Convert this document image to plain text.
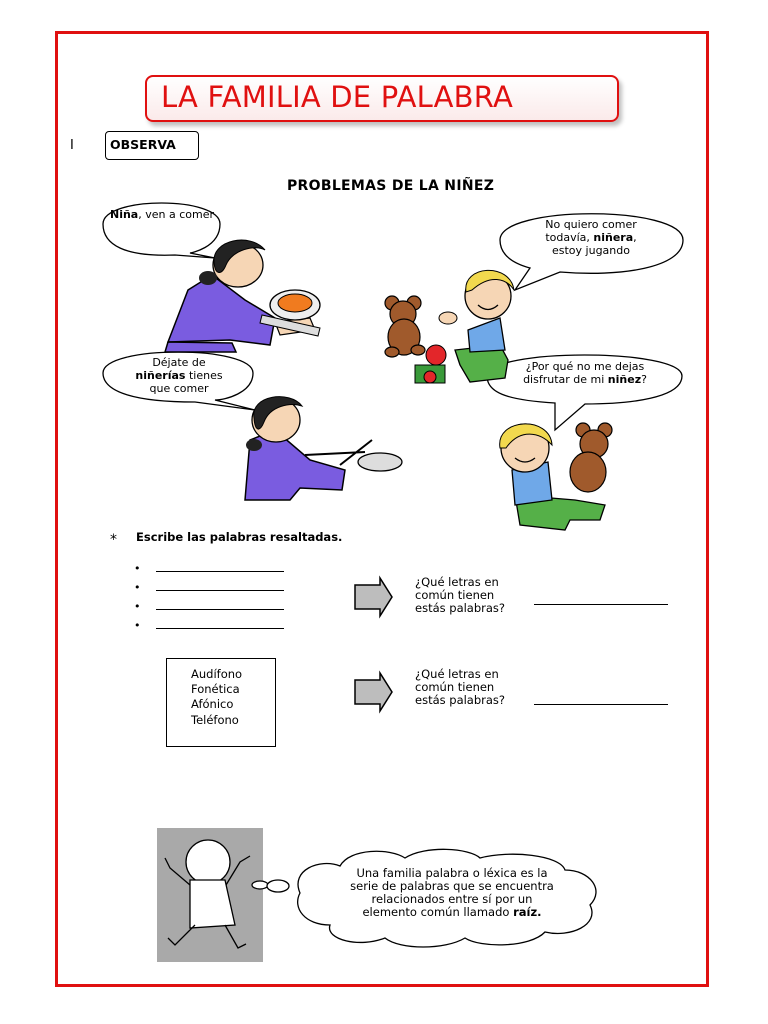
LA FAMILIA DE PALABRA
I	OBSERVA
PROBLEMAS DE LA NIÑEZ
Niña, ven a comer
No quiero comer
todavía, niñera,
estoy jugando
Déjate de
niñerías tienes
que comer
¿Por qué no me dejas
disfrutar de mi niñez?
* Escribe las palabras resaltadas.
•
•
•
•
¿Qué letras en
común tienen
estás palabras?
Audífono
Fonética
Afónico
Teléfono
¿Qué letras en
común tienen
estás palabras?
Una familia palabra o léxica es la
serie de palabras que se encuentra
relacionados entre sí por un
elemento común llamado raíz.
